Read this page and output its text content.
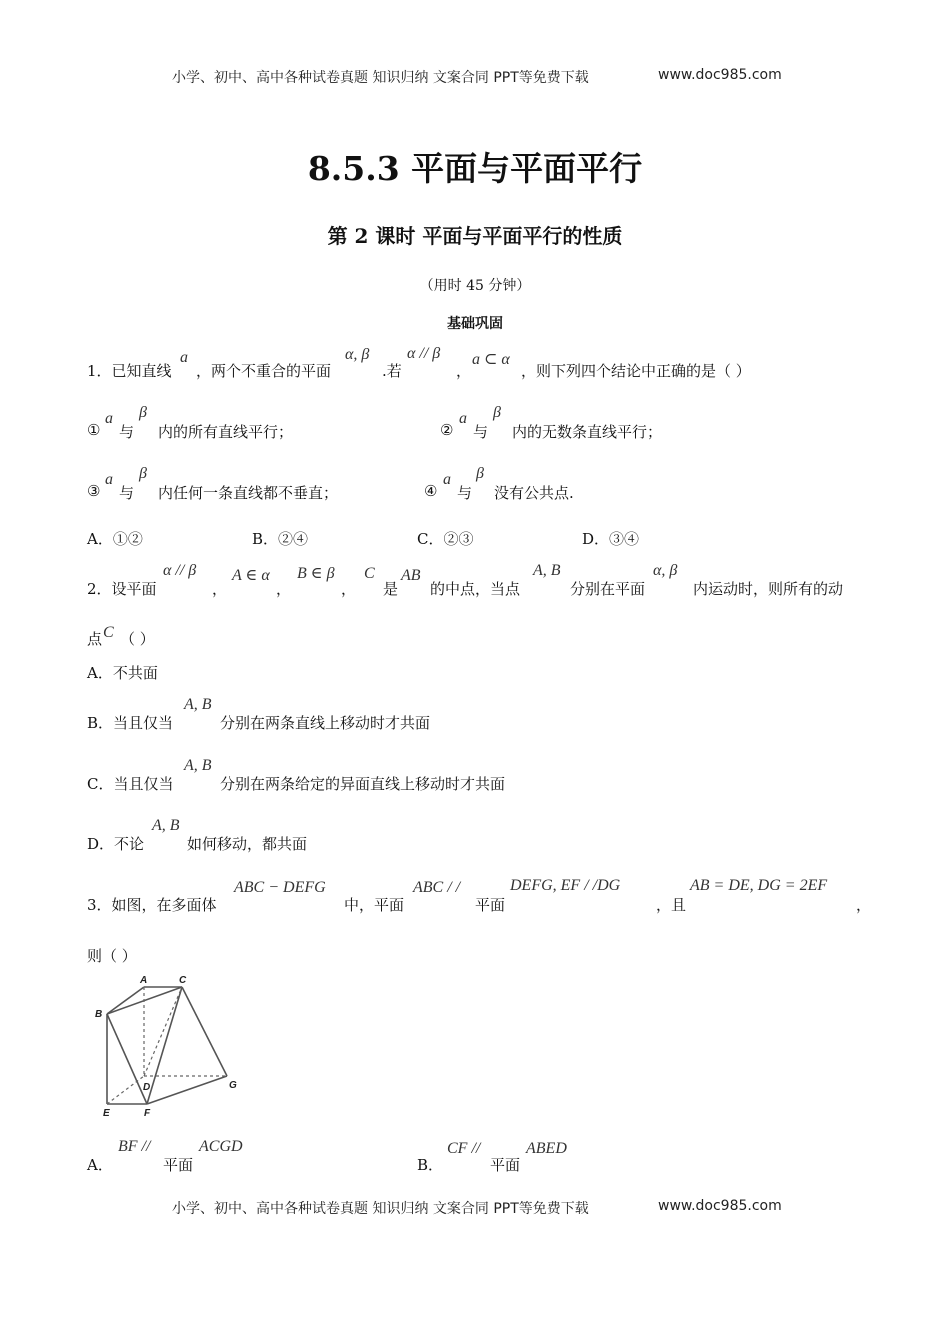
小学、初中、高中各种试卷真题 知识归纳 文案合同 PPT等免费下载	www.doc985.com
8.5.3 平面与平面平行
第 2 课时 平面与平面平行的性质
（用时 45 分钟）
基础巩固
1．已知直线
a
，两个不重合的平面
α, β
.若
α // β
，
a ⊂ α
，则下列四个结论中正确的是（ ）
①
a
与
β
内的所有直线平行；	②
a
与
β
内的无数条直线平行；
③
a
与
β
内任何一条直线都不垂直；	④
a
与
β
没有公共点.
A．①②	B．②④	C．②③	D．③④
2．设平面
α // β
，
A ∈ α
，
B ∈ β
，
C
是
AB
的中点，当点
A, B
分别在平面
α, β
内运动时，则所有的动
点 C （ ）
A．不共面
B．当且仅当
A, B
分别在两条直线上移动时才共面
C．当且仅当
A, B
分别在两条给定的异面直线上移动时才共面
D．不论
A, B
如何移动，都共面
3．如图，在多面体
ABC − DEFG
中，平面
ABC / /
平面
DEFG, EF / /DG
，且
AB = DE, DG = 2EF
，
则（ ）
A	C
B
D	G
E	F
A．
BF //
平面
ACGD
B．
CF //
平面
ABED
小学、初中、高中各种试卷真题 知识归纳 文案合同 PPT等免费下载	www.doc985.com
